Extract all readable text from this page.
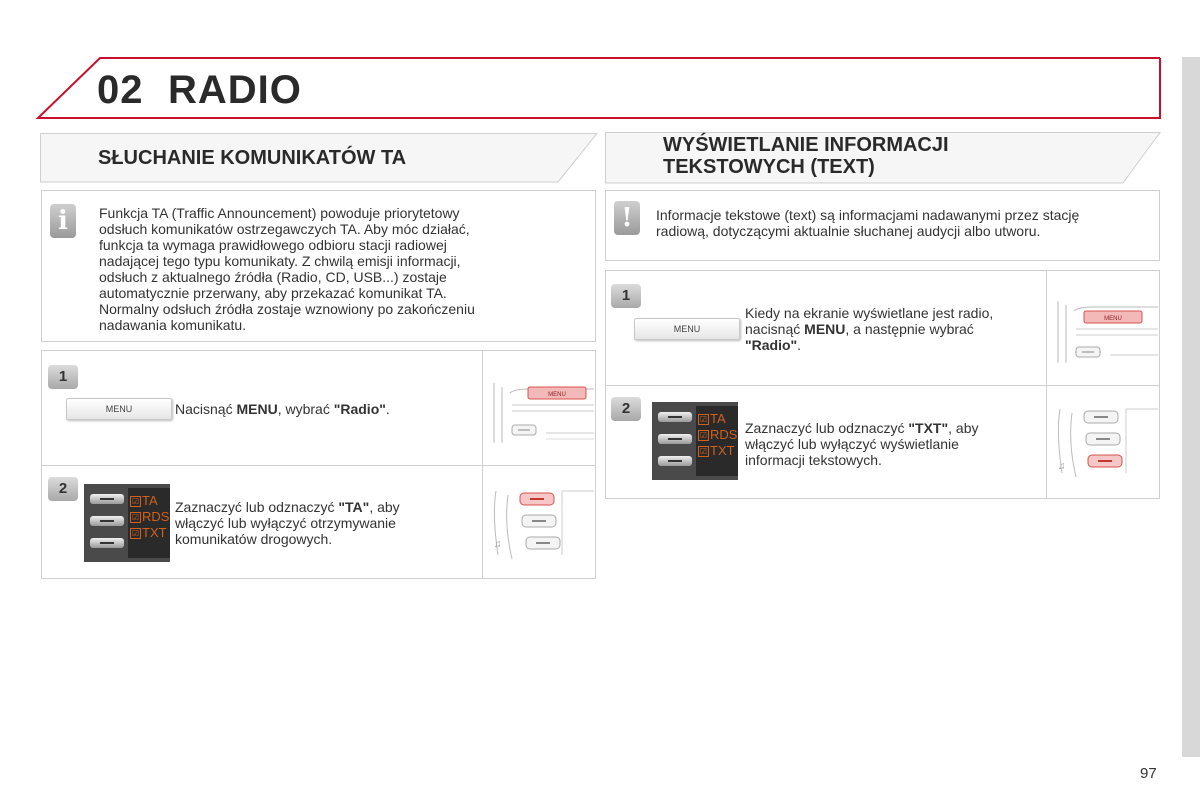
02 RADIO
SŁUCHANIE KOMUNIKATÓW TA
WYŚWIETLANIE INFORMACJI
TEKSTOWYCH (TEXT)
i	Funkcja TA (Traffic Announcement) powoduje priorytetowy
odsłuch komunikatów ostrzegawczych TA. Aby móc działać,
funkcja ta wymaga prawidłowego odbioru stacji radiowej
nadającej tego typu komunikaty. Z chwilą emisji informacji,
odsłuch z aktualnego źródła (Radio, CD, USB...) zostaje
automatycznie przerwany, aby przekazać komunikat TA.
Normalny odsłuch źródła zostaje wznowiony po zakończeniu
nadawania komunikatu.
1
MENU	Nacisnąć MENU, wybrać "Radio".
MENU
2
☑ TA
☑ RDS
☑ TXT
Zaznaczyć lub odznaczyć "TA", aby
włączyć lub wyłączyć otrzymywanie
komunikatów drogowych.	♫
!	Informacje tekstowe (text) są informacjami nadawanymi przez stację
radiową, dotyczącymi aktualnie słuchanej audycji albo utworu.
1
MENU
Kiedy na ekranie wyświetlane jest radio,
nacisnąć MENU, a następnie wybrać
"Radio".
MENU
2
☑ TA
☑ RDS
☑ TXT
Zaznaczyć lub odznaczyć "TXT", aby
włączyć lub wyłączyć wyświetlanie
informacji tekstowych.	♫
97
